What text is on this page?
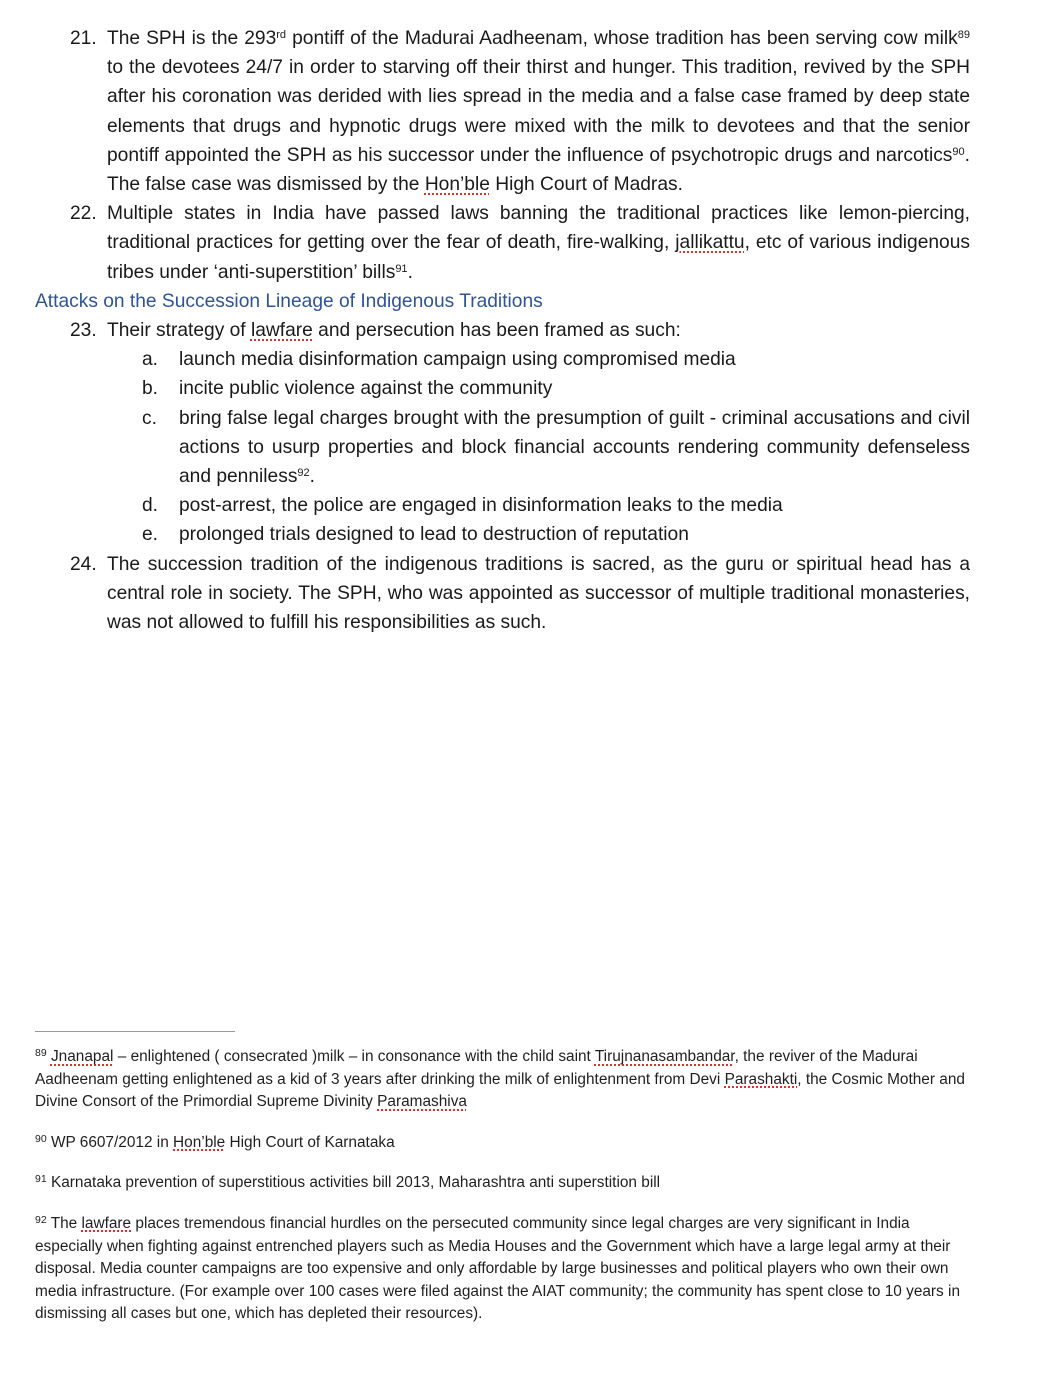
21. The SPH is the 293rd pontiff of the Madurai Aadheenam, whose tradition has been serving cow milk$^{89}$ to the devotees 24/7 in order to starving off their thirst and hunger. This tradition, revived by the SPH after his coronation was derided with lies spread in the media and a false case framed by deep state elements that drugs and hypnotic drugs were mixed with the milk to devotees and that the senior pontiff appointed the SPH as his successor under the influence of psychotropic drugs and narcotics$^{90}$. The false case was dismissed by the Hon’ble High Court of Madras.
22. Multiple states in India have passed laws banning the traditional practices like lemon-piercing, traditional practices for getting over the fear of death, fire-walking, jallikattu, etc of various indigenous tribes under ‘anti-superstition’ bills$^{91}$.
Attacks on the Succession Lineage of Indigenous Traditions
23. Their strategy of lawfare and persecution has been framed as such:
a. launch media disinformation campaign using compromised media
b. incite public violence against the community
c. bring false legal charges brought with the presumption of guilt - criminal accusations and civil actions to usurp properties and block financial accounts rendering community defenseless and penniless$^{92}$.
d. post-arrest, the police are engaged in disinformation leaks to the media
e. prolonged trials designed to lead to destruction of reputation
24. The succession tradition of the indigenous traditions is sacred, as the guru or spiritual head has a central role in society. The SPH, who was appointed as successor of multiple traditional monasteries, was not allowed to fulfill his responsibilities as such.
$^{89}$ Jnanapal – enlightened ( consecrated )milk – in consonance with the child saint Tirujnanasambandar, the reviver of the Madurai Aadheenam getting enlightened as a kid of 3 years after drinking the milk of enlightenment from Devi Parashakti, the Cosmic Mother and Divine Consort of the Primordial Supreme Divinity Paramashiva
$^{90}$ WP 6607/2012 in Hon’ble High Court of Karnataka
$^{91}$ Karnataka prevention of superstitious activities bill 2013, Maharashtra anti superstition bill
$^{92}$ The lawfare places tremendous financial hurdles on the persecuted community since legal charges are very significant in India especially when fighting against entrenched players such as Media Houses and the Government which have a large legal army at their disposal. Media counter campaigns are too expensive and only affordable by large businesses and political players who own their own media infrastructure. (For example over 100 cases were filed against the AIAT community; the community has spent close to 10 years in dismissing all cases but one, which has depleted their resources).
